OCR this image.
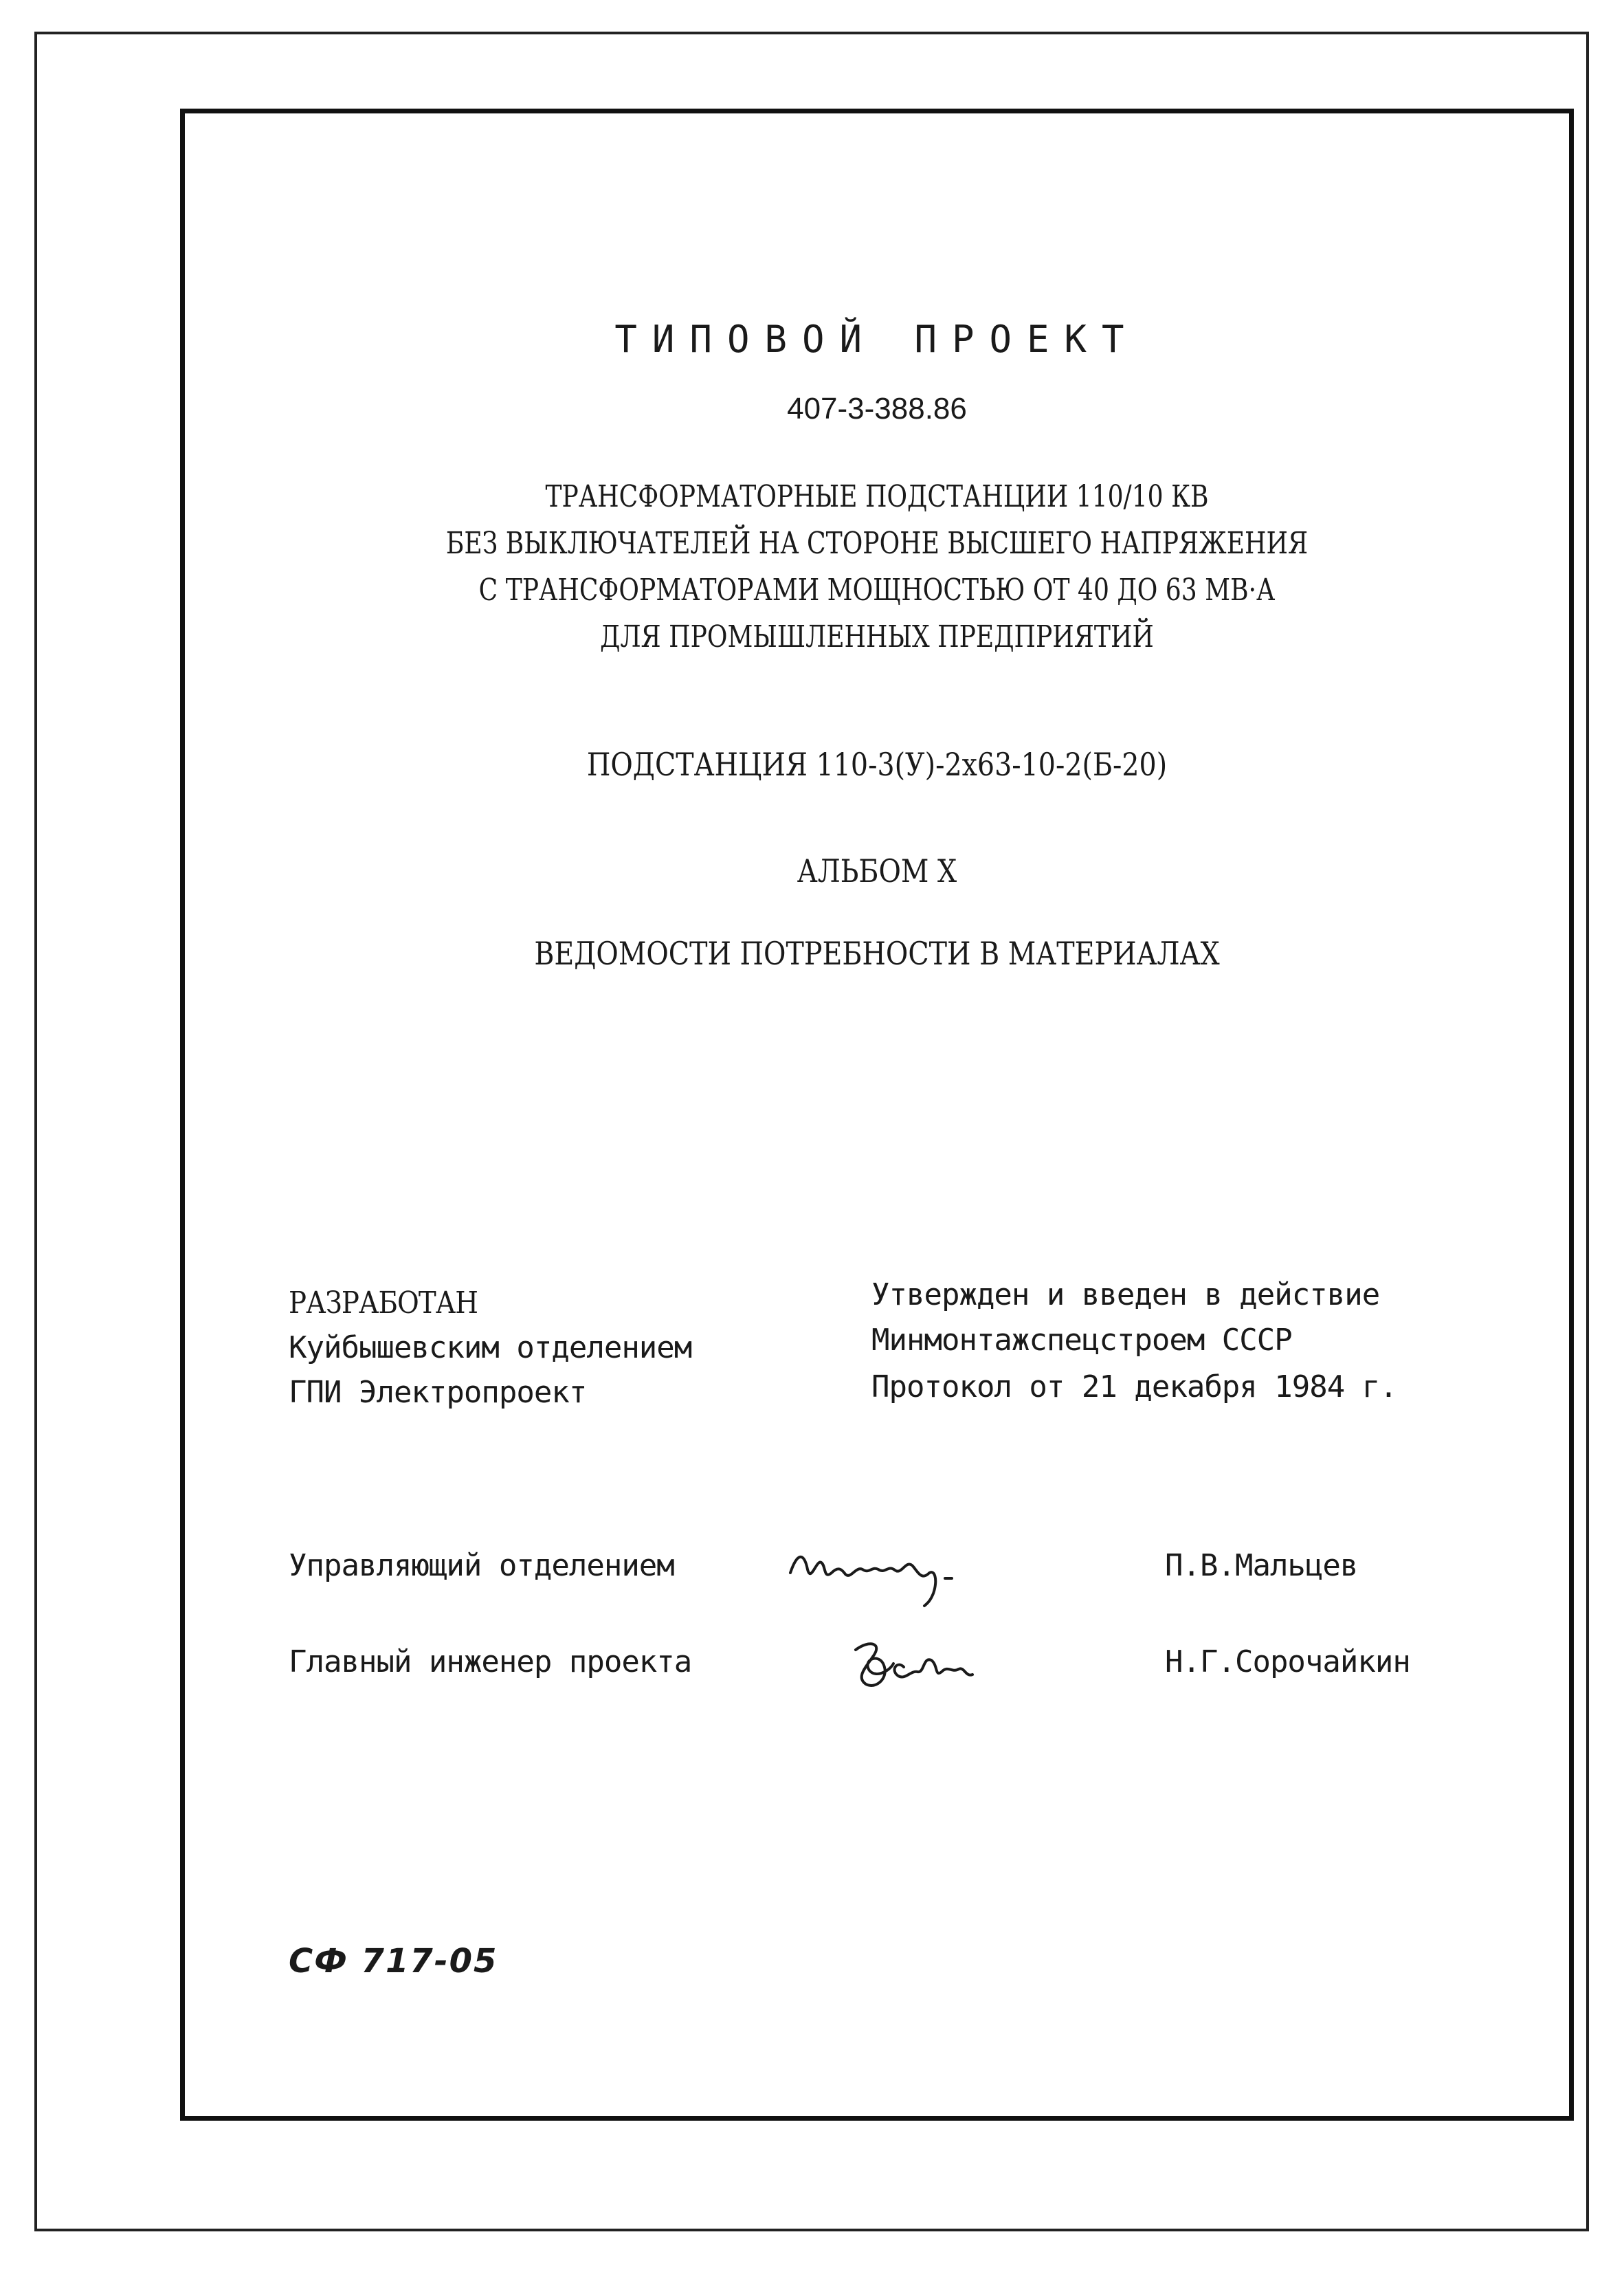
ТИПОВОЙ ПРОЕКТ
407-3-388.86
ТРАНСФОРМАТОРНЫЕ ПОДСТАНЦИИ 110/10 КВ
БЕЗ ВЫКЛЮЧАТЕЛЕЙ НА СТОРОНЕ ВЫСШЕГО НАПРЯЖЕНИЯ
С ТРАНСФОРМАТОРАМИ МОЩНОСТЬЮ ОТ 40 ДО 63 МВ·А
ДЛЯ ПРОМЫШЛЕННЫХ ПРЕДПРИЯТИЙ
ПОДСТАНЦИЯ 110-3(У)-2х63-10-2(Б-20)
АЛЬБОМ X
ВЕДОМОСТИ ПОТРЕБНОСТИ В МАТЕРИАЛАХ
РАЗРАБОТАН
Куйбышевским отделением
ГПИ Электропроект
Утвержден и введен в действие
Минмонтажспецстроем СССР
Протокол от 21 декабря 1984 г.
Управляющий отделением	П.В.Мальцев
Главный инженер проекта	Н.Г.Сорочайкин
СФ 717-05
